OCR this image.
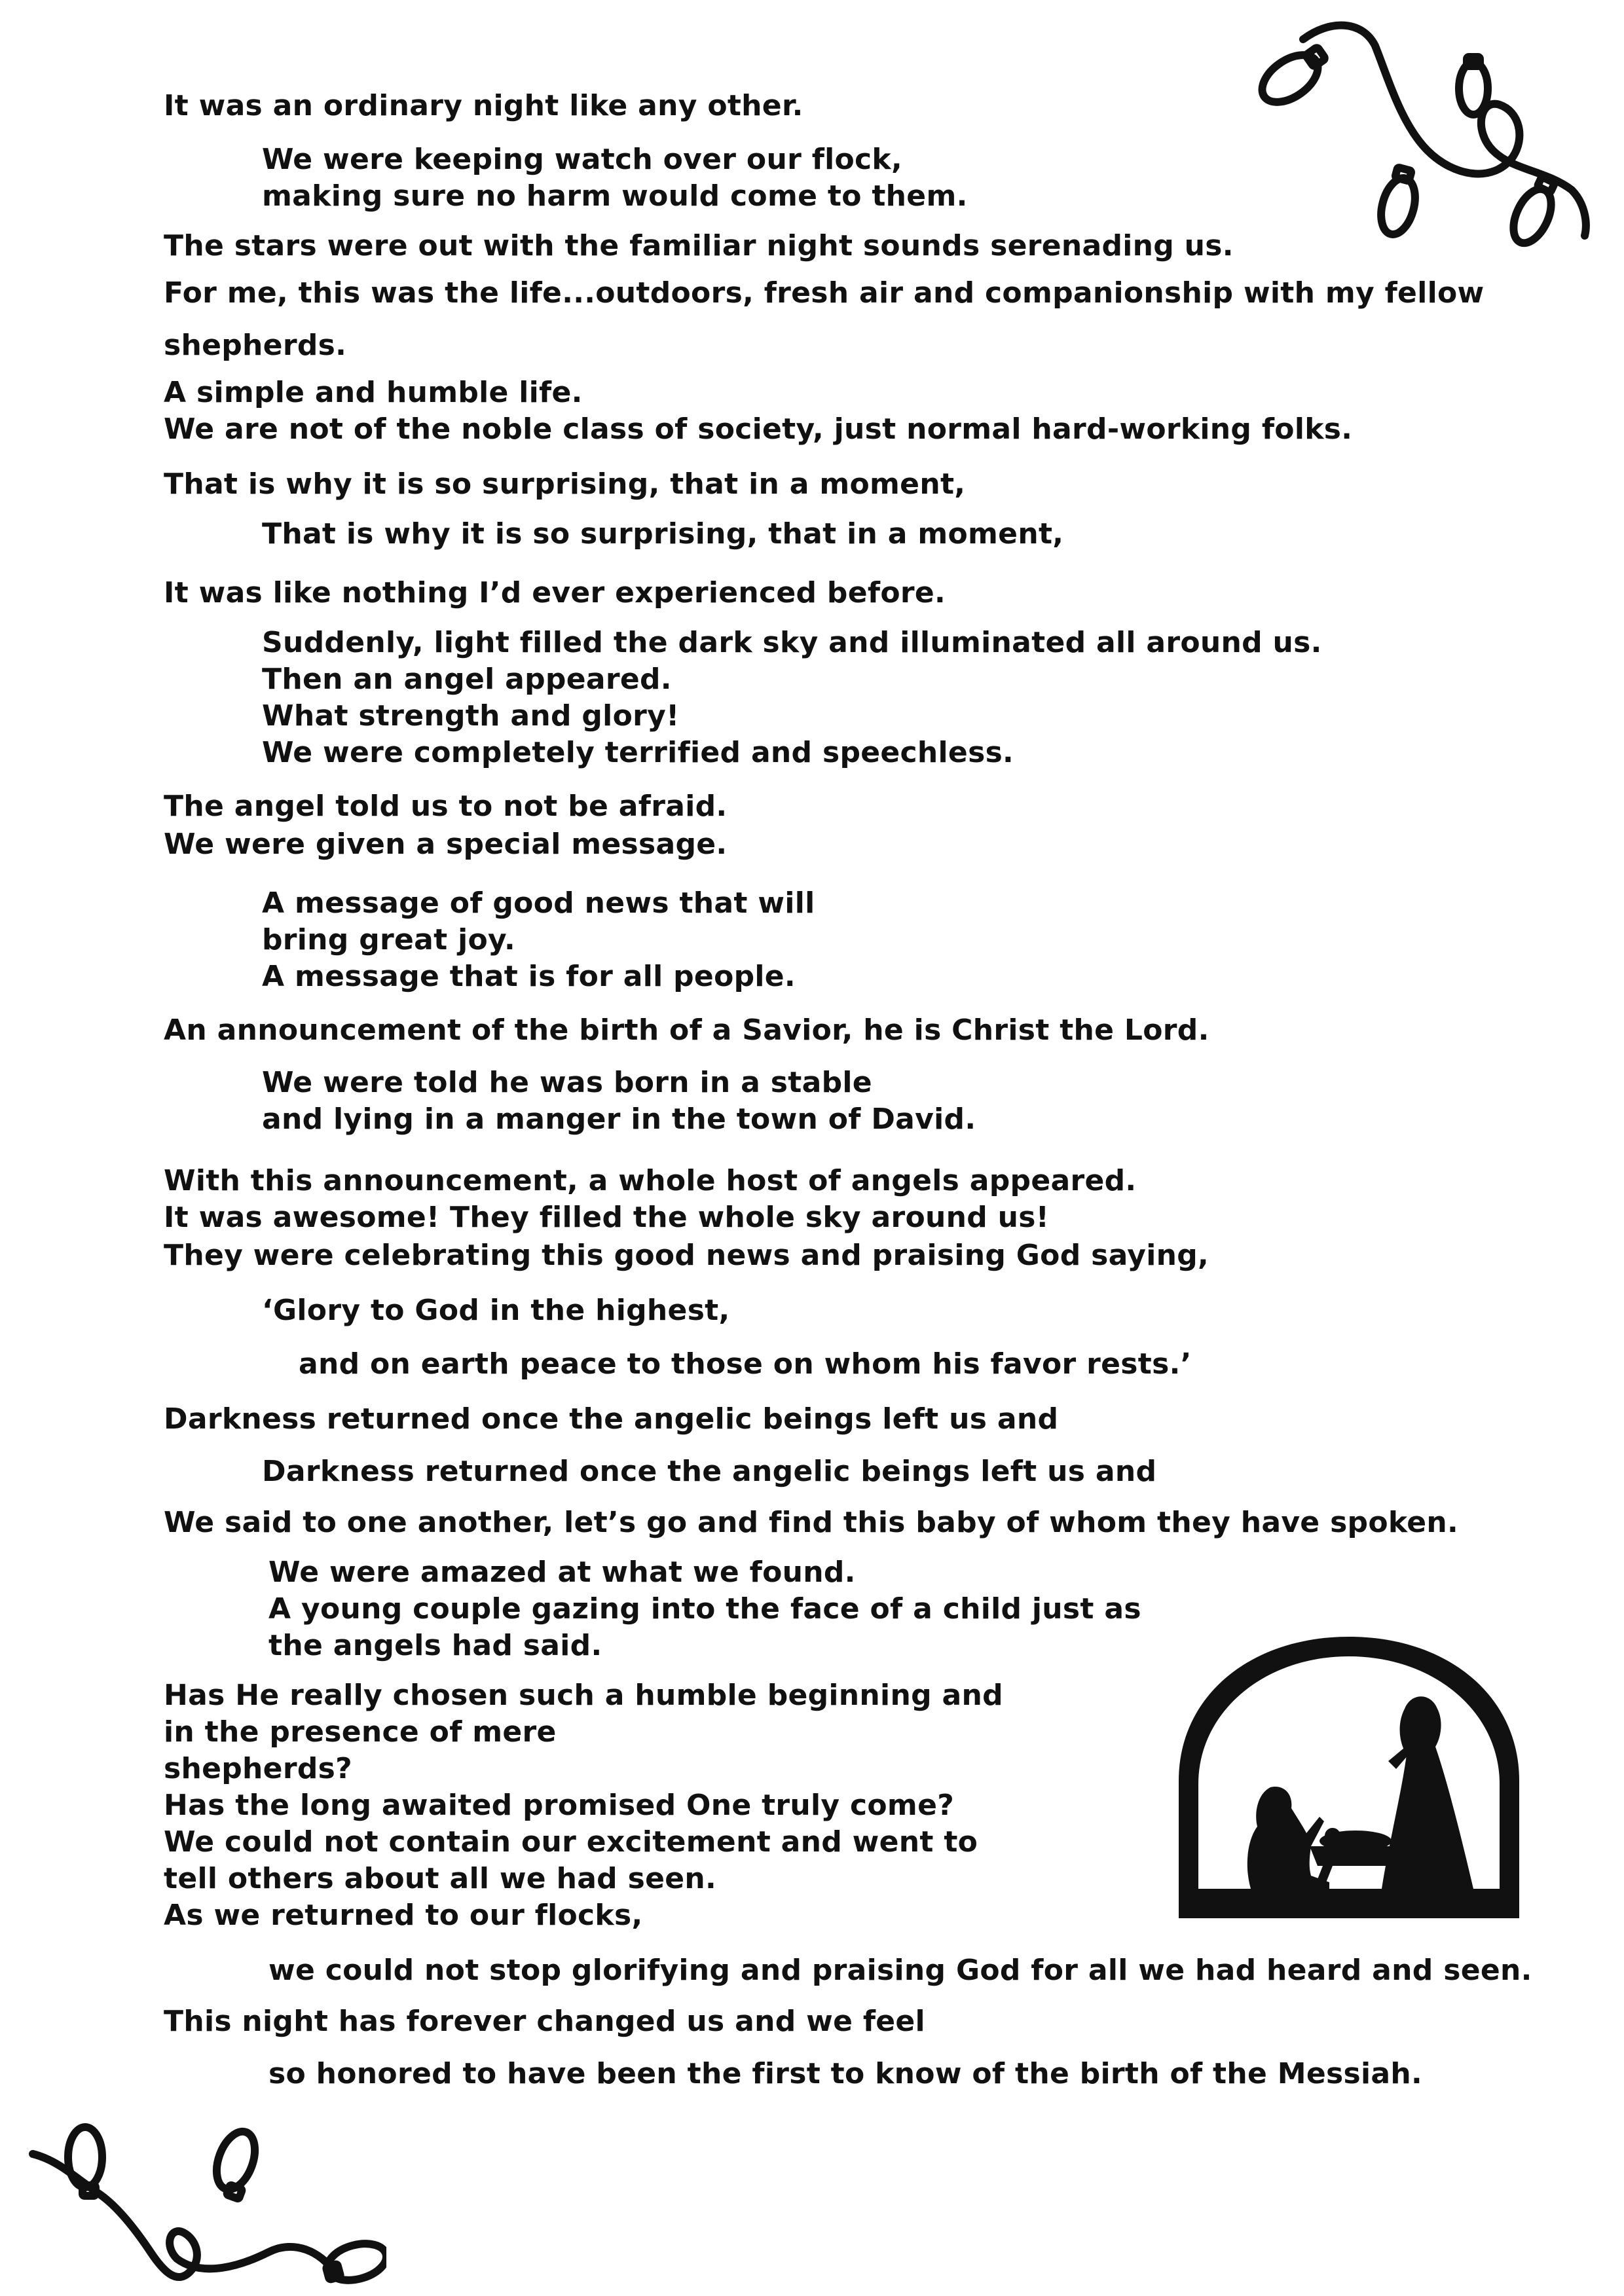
It was an ordinary night like any other.
We were keeping watch over our flock,
making sure no harm would come to them.
The stars were out with the familiar night sounds serenading us.
For me, this was the life...outdoors, fresh air and companionship with my fellow
shepherds.
A simple and humble life.
We are not of the noble class of society, just normal hard-working folks.
That is why it is so surprising, that in a moment,
That is why it is so surprising, that in a moment,
It was like nothing I’d ever experienced before.
Suddenly, light filled the dark sky and illuminated all around us.
Then an angel appeared.
What strength and glory!
We were completely terrified and speechless.
The angel told us to not be afraid.
We were given a special message.
A message of good news that will
bring great joy.
A message that is for all people.
An announcement of the birth of a Savior, he is Christ the Lord.
We were told he was born in a stable
and lying in a manger in the town of David.
With this announcement, a whole host of angels appeared.
It was awesome! They filled the whole sky around us!
They were celebrating this good news and praising God saying,
‘Glory to God in the highest,
and on earth peace to those on whom his favor rests.’
Darkness returned once the angelic beings left us and
Darkness returned once the angelic beings left us and
We said to one another, let’s go and find this baby of whom they have spoken.
We were amazed at what we found.
A young couple gazing into the face of a child just as
the angels had said.
Has He really chosen such a humble beginning and
in the presence of mere
shepherds?
Has the long awaited promised One truly come?
We could not contain our excitement and went to
tell others about all we had seen.
As we returned to our flocks,
we could not stop glorifying and praising God for all we had heard and seen.
This night has forever changed us and we feel
so honored to have been the first to know of the birth of the Messiah.
